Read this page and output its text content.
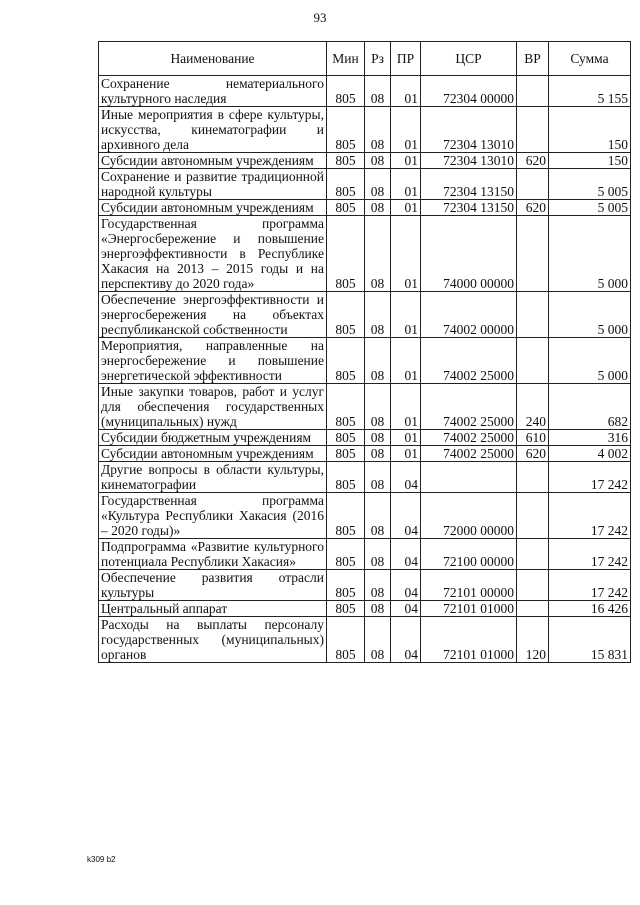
93
Наименование	Мин	Рз	ПР	ЦСР	ВР	Сумма
Сохранение нематериального культурного наследия	805	08	01	72304 00000		5 155
Иные мероприятия в сфере культуры, искусства, кинематографии и архивного дела	805	08	01	72304 13010		150
Субсидии автономным учреждениям	805	08	01	72304 13010	620	150
Сохранение и развитие традиционной народной культуры	805	08	01	72304 13150		5 005
Субсидии автономным учреждениям	805	08	01	72304 13150	620	5 005
Государственная программа «Энергосбережение и повышение энергоэффективности в Республике Хакасия на 2013 – 2015 годы и на перспективу до 2020 года»	805	08	01	74000 00000		5 000
Обеспечение энергоэффективности и энергосбережения на объектах республиканской собственности	805	08	01	74002 00000		5 000
Мероприятия, направленные на энергосбережение и повышение энергетической эффективности	805	08	01	74002 25000		5 000
Иные закупки товаров, работ и услуг для обеспечения государственных (муниципальных) нужд	805	08	01	74002 25000	240	682
Субсидии бюджетным учреждениям	805	08	01	74002 25000	610	316
Субсидии автономным учреждениям	805	08	01	74002 25000	620	4 002
Другие вопросы в области культуры, кинематографии	805	08	04			17 242
Государственная программа «Культура Республики Хакасия (2016 – 2020 годы)»	805	08	04	72000 00000		17 242
Подпрограмма «Развитие культурного потенциала Республики Хакасия»	805	08	04	72100 00000		17 242
Обеспечение развития отрасли культуры	805	08	04	72101 00000		17 242
Центральный аппарат	805	08	04	72101 01000		16 426
Расходы на выплаты персоналу государственных (муниципальных) органов	805	08	04	72101 01000	120	15 831
k309 b2
